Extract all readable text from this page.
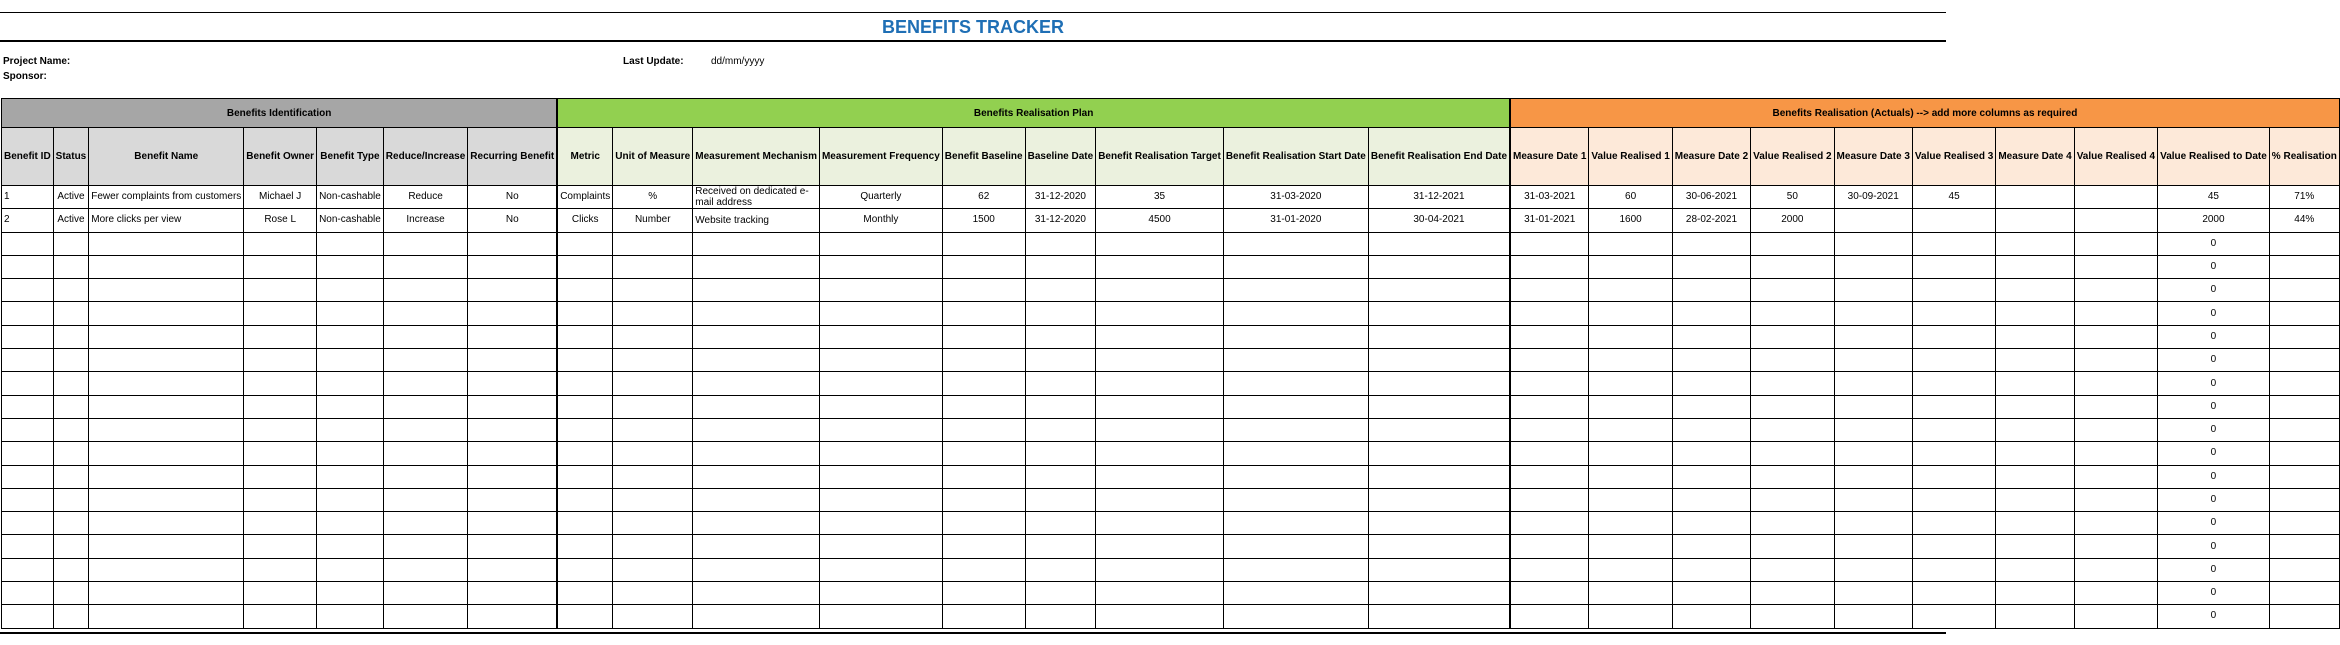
BENEFITS TRACKER
Project Name:
Sponsor:
Last Update:	dd/mm/yyyy
Benefits Identification							Benefits Realisation Plan									Benefits Realisation (Actuals) --> add more columns as required									
Benefit ID	Status	Benefit Name	Benefit Owner	Benefit Type	Reduce/Increase	Recurring Benefit	Metric	Unit of Measure	Measurement Mechanism	Measurement Frequency	Benefit Baseline	Baseline Date	Benefit Realisation Target	Benefit Realisation Start Date	Benefit Realisation End Date	Measure Date 1	Value Realised 1	Measure Date 2	Value Realised 2	Measure Date 3	Value Realised 3	Measure Date 4	Value Realised 4	Value Realised to Date	% Realisation
1	Active	Fewer complaints from customers	Michael J	Non-cashable	Reduce	No	Complaints	%	Received on dedicated e-mail address	Quarterly	62	31-12-2020	35	31-03-2020	31-12-2021	31-03-2021	60	30-06-2021	50	30-09-2021	45			45	71%
2	Active	More clicks per view	Rose L	Non-cashable	Increase	No	Clicks	Number	Website tracking	Monthly	1500	31-12-2020	4500	31-01-2020	30-04-2021	31-01-2021	1600	28-02-2021	2000					2000	44%
																								0	
																								0	
																								0	
																								0	
																								0	
																								0	
																								0	
																								0	
																								0	
																								0	
																								0	
																								0	
																								0	
																								0	
																								0	
																								0	
																								0	
